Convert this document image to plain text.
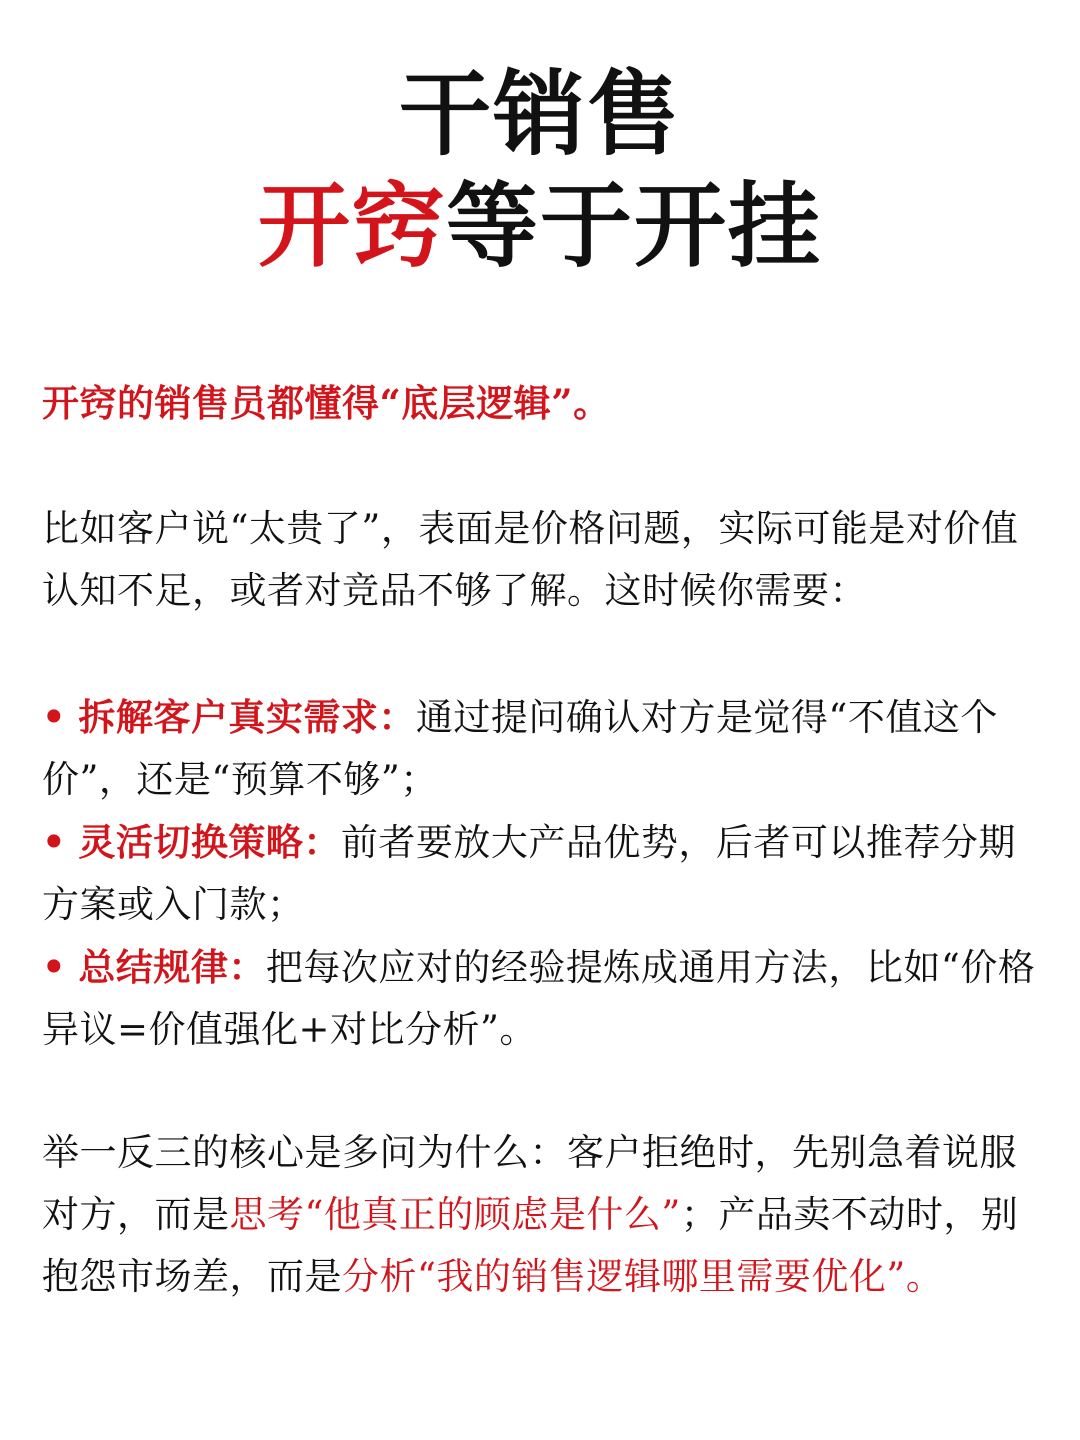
干销售
开窍等于开挂
开窍的销售员都懂得“底层逻辑”。
比如客户说“太贵了”，表面是价格问题，实际可能是对价值认知不足，或者对竞品不够了解。这时候你需要：
• 拆解客户真实需求：通过提问确认对方是觉得“不值这个价”，还是“预算不够”；
• 灵活切换策略：前者要放大产品优势，后者可以推荐分期方案或入门款；
• 总结规律：把每次应对的经验提炼成通用方法，比如“价格异议=价值强化+对比分析”。
举一反三的核心是多问为什么：客户拒绝时，先别急着说服对方，而是思考“他真正的顾虑是什么”；产品卖不动时，别抱怨市场差，而是分析“我的销售逻辑哪里需要优化”。
